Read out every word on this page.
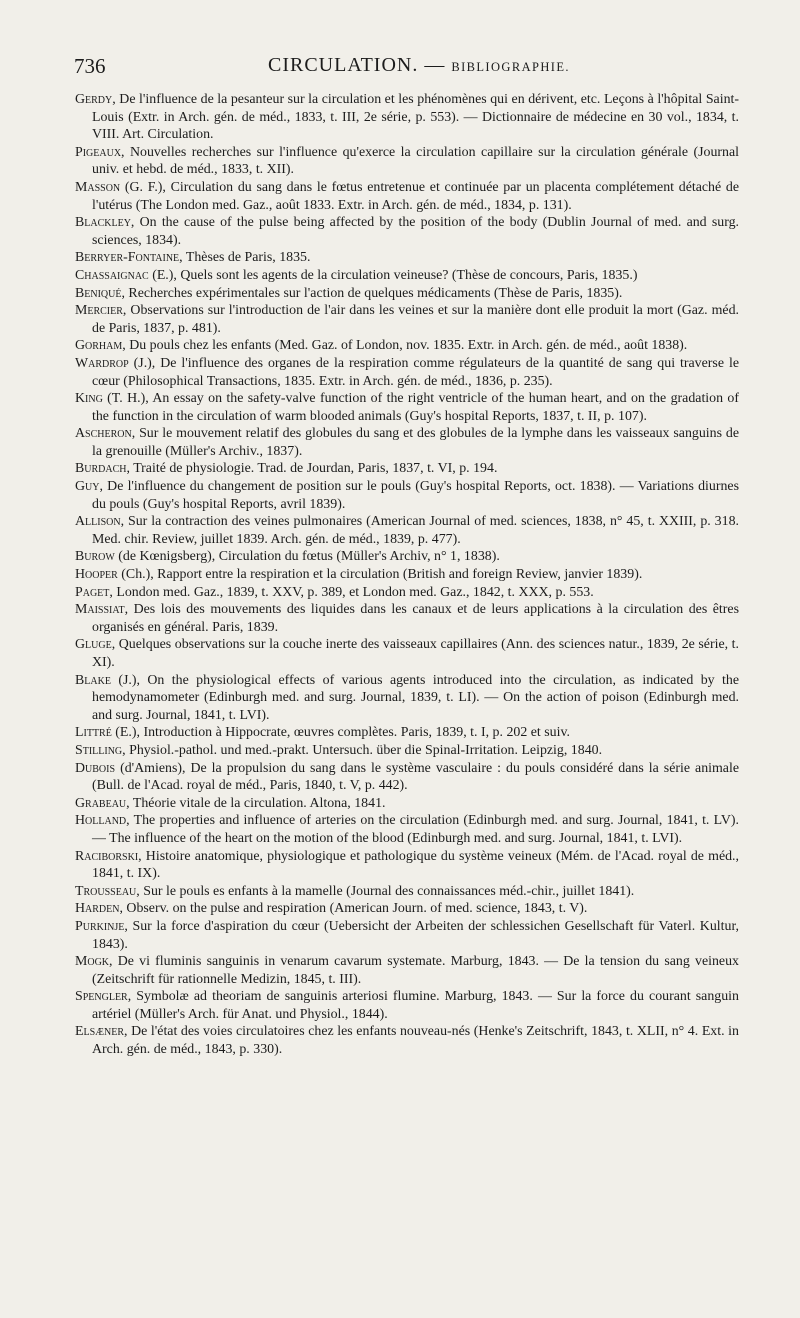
736	CIRCULATION. — BIBLIOGRAPHIE.
Gerdy, De l'influence de la pesanteur sur la circulation et les phénomènes qui en dérivent, etc. Leçons à l'hôpital Saint-Louis (Extr. in Arch. gén. de méd., 1833, t. III, 2e série, p. 553). — Dictionnaire de médecine en 30 vol., 1834, t. VIII. Art. Circulation.
Pigeaux, Nouvelles recherches sur l'influence qu'exerce la circulation capillaire sur la circulation générale (Journal univ. et hebd. de méd., 1833, t. XII).
Masson (G. F.), Circulation du sang dans le fœtus entretenue et continuée par un placenta complétement détaché de l'utérus (The London med. Gaz., août 1833. Extr. in Arch. gén. de méd., 1834, p. 131).
Blackley, On the cause of the pulse being affected by the position of the body (Dublin Journal of med. and surg. sciences, 1834).
Berryer-Fontaine, Thèses de Paris, 1835.
Chassaignac (E.), Quels sont les agents de la circulation veineuse? (Thèse de concours, Paris, 1835.)
Beniqué, Recherches expérimentales sur l'action de quelques médicaments (Thèse de Paris, 1835).
Mercier, Observations sur l'introduction de l'air dans les veines et sur la manière dont elle produit la mort (Gaz. méd. de Paris, 1837, p. 481).
Gorham, Du pouls chez les enfants (Med. Gaz. of London, nov. 1835. Extr. in Arch. gén. de méd., août 1838).
Wardrop (J.), De l'influence des organes de la respiration comme régulateurs de la quantité de sang qui traverse le cœur (Philosophical Transactions, 1835. Extr. in Arch. gén. de méd., 1836, p. 235).
King (T. H.), An essay on the safety-valve function of the right ventricle of the human heart, and on the gradation of the function in the circulation of warm blooded animals (Guy's hospital Reports, 1837, t. II, p. 107).
Ascheron, Sur le mouvement relatif des globules du sang et des globules de la lymphe dans les vaisseaux sanguins de la grenouille (Müller's Archiv., 1837).
Burdach, Traité de physiologie. Trad. de Jourdan, Paris, 1837, t. VI, p. 194.
Guy, De l'influence du changement de position sur le pouls (Guy's hospital Reports, oct. 1838). — Variations diurnes du pouls (Guy's hospital Reports, avril 1839).
Allison, Sur la contraction des veines pulmonaires (American Journal of med. sciences, 1838, n° 45, t. XXIII, p. 318. Med. chir. Review, juillet 1839. Arch. gén. de méd., 1839, p. 477).
Burow (de Kœnigsberg), Circulation du fœtus (Müller's Archiv, n° 1, 1838).
Hooper (Ch.), Rapport entre la respiration et la circulation (British and foreign Review, janvier 1839).
Paget, London med. Gaz., 1839, t. XXV, p. 389, et London med. Gaz., 1842, t. XXX, p. 553.
Maissiat, Des lois des mouvements des liquides dans les canaux et de leurs applications à la circulation des êtres organisés en général. Paris, 1839.
Gluge, Quelques observations sur la couche inerte des vaisseaux capillaires (Ann. des sciences natur., 1839, 2e série, t. XI).
Blake (J.), On the physiological effects of various agents introduced into the circulation, as indicated by the hemodynamometer (Edinburgh med. and surg. Journal, 1839, t. LI). — On the action of poison (Edinburgh med. and surg. Journal, 1841, t. LVI).
Littré (E.), Introduction à Hippocrate, œuvres complètes. Paris, 1839, t. I, p. 202 et suiv.
Stilling, Physiol.-pathol. und med.-prakt. Untersuch. über die Spinal-Irritation. Leipzig, 1840.
Dubois (d'Amiens), De la propulsion du sang dans le système vasculaire : du pouls considéré dans la série animale (Bull. de l'Acad. royal de méd., Paris, 1840, t. V, p. 442).
Grabeau, Théorie vitale de la circulation. Altona, 1841.
Holland, The properties and influence of arteries on the circulation (Edinburgh med. and surg. Journal, 1841, t. LV). — The influence of the heart on the motion of the blood (Edinburgh med. and surg. Journal, 1841, t. LVI).
Raciborski, Histoire anatomique, physiologique et pathologique du système veineux (Mém. de l'Acad. royal de méd., 1841, t. IX).
Trousseau, Sur le pouls es enfants à la mamelle (Journal des connaissances méd.-chir., juillet 1841).
Harden, Observ. on the pulse and respiration (American Journ. of med. science, 1843, t. V).
Purkinje, Sur la force d'aspiration du cœur (Uebersicht der Arbeiten der schlessichen Gesellschaft für Vaterl. Kultur, 1843).
Mogk, De vi fluminis sanguinis in venarum cavarum systemate. Marburg, 1843. — De la tension du sang veineux (Zeitschrift für rationnelle Medizin, 1845, t. III).
Spengler, Symbolæ ad theoriam de sanguinis arteriosi flumine. Marburg, 1843. — Sur la force du courant sanguin artériel (Müller's Arch. für Anat. und Physiol., 1844).
Elsæner, De l'état des voies circulatoires chez les enfants nouveau-nés (Henke's Zeitschrift, 1843, t. XLII, n° 4. Ext. in Arch. gén. de méd., 1843, p. 330).
